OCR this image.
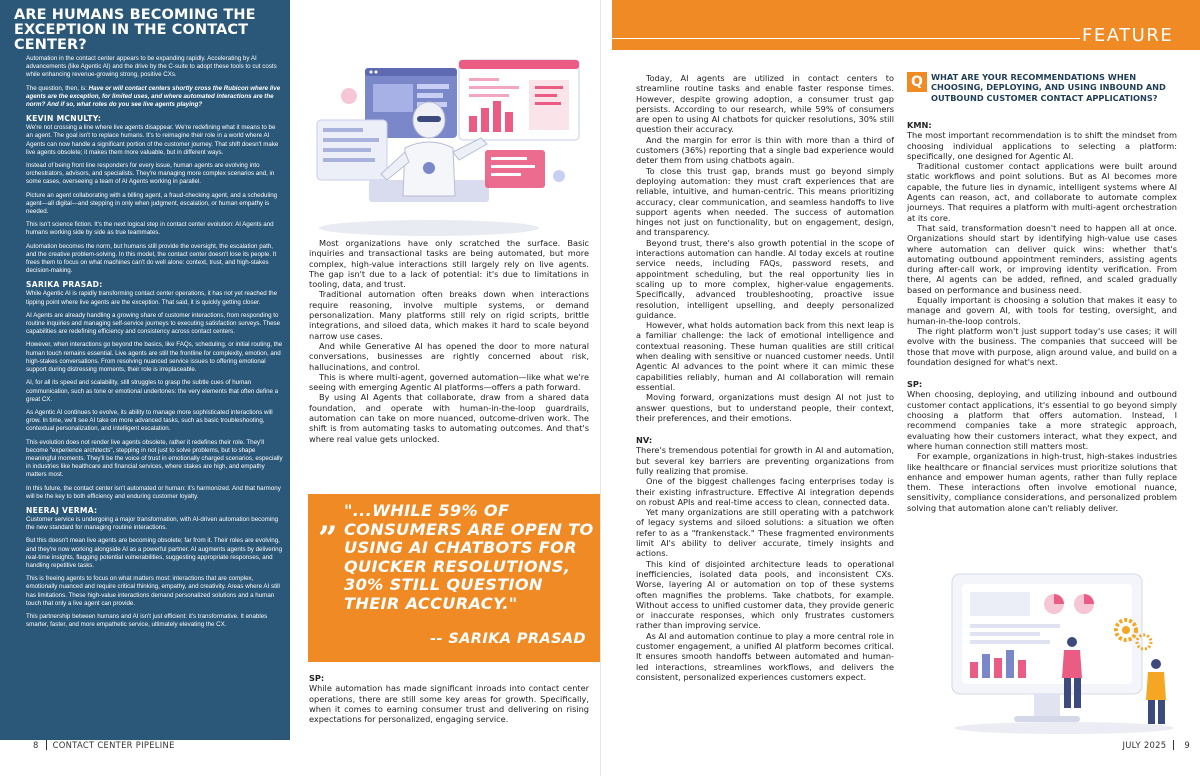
ARE HUMANS BECOMING THE EXCEPTION IN THE CONTACT CENTER?

Automation in the contact center appears to be expanding rapidly. Accelerating by AI advancements (like Agentic AI) and the drive by the C-suite to adopt these tools to cut costs while enhancing revenue-growing strong, positive CXs.

The question, then, is: Have or will contact centers shortly cross the Rubicon where live agents are the exception, for limited uses, and where automated interactions are the norm? And if so, what roles do you see live agents playing?

KEVIN MCNULTY:

We're not crossing a line where live agents disappear. We're redefining what it means to be an agent. The goal isn't to replace humans. It's to reimagine their role in a world where AI Agents can now handle a significant portion of the customer journey. That shift doesn't make live agents obsolete; it makes them more valuable, but in different ways.

Instead of being front line responders for every issue, human agents are evolving into orchestrators, advisors, and specialists. They're managing more complex scenarios and, in some cases, overseeing a team of AI Agents working in parallel.

Picture an agent collaborating with a billing agent, a fraud-checking agent, and a scheduling agent—all digital—and stepping in only when judgment, escalation, or human empathy is needed.

This isn't science fiction. It's the next logical step in contact center evolution: AI Agents and humans working side by side as true teammates.

Automation becomes the norm, but humans still provide the oversight, the escalation path, and the creative problem-solving. In this model, the contact center doesn't lose its people. It frees them to focus on what machines can't do well alone: context, trust, and high-stakes decision-making.

SARIKA PRASAD:

While Agentic AI is rapidly transforming contact center operations, it has not yet reached the tipping point where live agents are the exception. That said, it is quickly getting closer.

AI Agents are already handling a growing share of customer interactions, from responding to routine inquiries and managing self-service journeys to executing satisfaction surveys. These capabilities are redefining efficiency and consistency across contact centers.

However, when interactions go beyond the basics, like FAQs, scheduling, or initial routing, the human touch remains essential. Live agents are still the frontline for complexity, emotion, and high-stakes conversations. From resolving nuanced service issues to offering emotional support during distressing moments, their role is irreplaceable.

AI, for all its speed and scalability, still struggles to grasp the subtle cues of human communication, such as tone or emotional undertones: the very elements that often define a great CX.

As Agentic AI continues to evolve, its ability to manage more sophisticated interactions will grow. In time, we'll see AI take on more advanced tasks, such as basic troubleshooting, contextual personalization, and intelligent escalation.

This evolution does not render live agents obsolete, rather it redefines their role. They'll become "experience architects", stepping in not just to solve problems, but to shape meaningful moments. They'll be the voice of trust in emotionally charged scenarios, especially in industries like healthcare and financial services, where stakes are high, and empathy matters most.

In this future, the contact center isn't automated or human: it's harmonized. And that harmony will be the key to both efficiency and enduring customer loyalty.

NEERAJ VERMA:

Customer service is undergoing a major transformation, with AI-driven automation becoming the new standard for managing routine interactions.

But this doesn't mean live agents are becoming obsolete; far from it. Their roles are evolving, and they're now working alongside AI as a powerful partner. AI augments agents by delivering real-time insights, flagging potential vulnerabilities, suggesting appropriate responses, and handling repetitive tasks.

This is freeing agents to focus on what matters most: interactions that are complex, emotionally nuanced and require critical thinking, empathy, and creativity. Areas where AI still has limitations. These high-value interactions demand personalized solutions and a human touch that only a live agent can provide.

This partnership between humans and AI isn't just efficient: it's transformative. It enables smarter, faster, and more empathetic service, ultimately elevating the CX.

Most organizations have only scratched the surface. Basic inquiries and transactional tasks are being automated, but more complex, high-value interactions still largely rely on live agents. The gap isn't due to a lack of potential: it's due to limitations in tooling, data, and trust.

Traditional automation often breaks down when interactions require reasoning, involve multiple systems, or demand personalization. Many platforms still rely on rigid scripts, brittle integrations, and siloed data, which makes it hard to scale beyond narrow use cases.

And while Generative AI has opened the door to more natural conversations, businesses are rightly concerned about risk, hallucinations, and control.

This is where multi-agent, governed automation—like what we're seeing with emerging Agentic AI platforms—offers a path forward.

By using AI Agents that collaborate, draw from a shared data foundation, and operate with human-in-the-loop guardrails, automation can take on more nuanced, outcome-driven work. The shift is from automating tasks to automating outcomes. And that's where real value gets unlocked.

”
"...WHILE 59% OF CONSUMERS ARE OPEN TO USING AI CHATBOTS FOR QUICKER RESOLUTIONS, 30% STILL QUESTION THEIR ACCURACY."
-- SARIKA PRASAD
SP:

While automation has made significant inroads into contact center operations, there are still some key areas for growth. Specifically, when it comes to earning consumer trust and delivering on rising expectations for personalized, engaging service.

FEATURE

Today, AI agents are utilized in contact centers to streamline routine tasks and enable faster response times. However, despite growing adoption, a consumer trust gap persists. According to our research, while 59% of consumers are open to using AI chatbots for quicker resolutions, 30% still question their accuracy.

And the margin for error is thin with more than a third of customers (36%) reporting that a single bad experience would deter them from using chatbots again.

To close this trust gap, brands must go beyond simply deploying automation: they must craft experiences that are reliable, intuitive, and human-centric. This means prioritizing accuracy, clear communication, and seamless handoffs to live support agents when needed. The success of automation hinges not just on functionality, but on engagement, design, and transparency.

Beyond trust, there's also growth potential in the scope of interactions automation can handle. AI today excels at routine service needs, including FAQs, password resets, and appointment scheduling, but the real opportunity lies in scaling up to more complex, higher-value engagements. Specifically, advanced troubleshooting, proactive issue resolution, intelligent upselling, and deeply personalized guidance.

However, what holds automation back from this next leap is a familiar challenge: the lack of emotional intelligence and contextual reasoning. These human qualities are still critical when dealing with sensitive or nuanced customer needs. Until Agentic AI advances to the point where it can mimic these capabilities reliably, human and AI collaboration will remain essential.

Moving forward, organizations must design AI not just to answer questions, but to understand people, their context, their preferences, and their emotions.

NV:

There's tremendous potential for growth in AI and automation, but several key barriers are preventing organizations from fully realizing that promise.

One of the biggest challenges facing enterprises today is their existing infrastructure. Effective AI integration depends on robust APIs and real-time access to clean, connected data.

Yet many organizations are still operating with a patchwork of legacy systems and siloed solutions: a situation we often refer to as a "frankenstack." These fragmented environments limit AI's ability to deliver accurate, timely insights and actions.

This kind of disjointed architecture leads to operational inefficiencies, isolated data pools, and inconsistent CXs. Worse, layering AI or automation on top of these systems often magnifies the problems. Take chatbots, for example. Without access to unified customer data, they provide generic or inaccurate responses, which only frustrates customers rather than improving service.

As AI and automation continue to play a more central role in customer engagement, a unified AI platform becomes critical. It ensures smooth handoffs between automated and human-led interactions, streamlines workflows, and delivers the consistent, personalized experiences customers expect.

Q WHAT ARE YOUR RECOMMENDATIONS WHEN CHOOSING, DEPLOYING, AND USING INBOUND AND OUTBOUND CUSTOMER CONTACT APPLICATIONS?
KMN:

The most important recommendation is to shift the mindset from choosing individual applications to selecting a platform: specifically, one designed for Agentic AI.

Traditional customer contact applications were built around static workflows and point solutions. But as AI becomes more capable, the future lies in dynamic, intelligent systems where AI Agents can reason, act, and collaborate to automate complex journeys. That requires a platform with multi-agent orchestration at its core.

That said, transformation doesn't need to happen all at once. Organizations should start by identifying high-value use cases where automation can deliver quick wins: whether that's automating outbound appointment reminders, assisting agents during after-call work, or improving identity verification. From there, AI agents can be added, refined, and scaled gradually based on performance and business need.

Equally important is choosing a solution that makes it easy to manage and govern AI, with tools for testing, oversight, and human-in-the-loop controls.

The right platform won't just support today's use cases; it will evolve with the business. The companies that succeed will be those that move with purpose, align around value, and build on a foundation designed for what's next.

SP:

When choosing, deploying, and utilizing inbound and outbound customer contact applications, it's essential to go beyond simply choosing a platform that offers automation. Instead, I recommend companies take a more strategic approach, evaluating how their customers interact, what they expect, and where human connection still matters most.

For example, organizations in high-trust, high-stakes industries like healthcare or financial services must prioritize solutions that enhance and empower human agents, rather than fully replace them. These interactions often involve emotional nuance, sensitivity, compliance considerations, and personalized problem solving that automation alone can't reliably deliver.

8 CONTACT CENTER PIPELINE	JULY 2025 9
